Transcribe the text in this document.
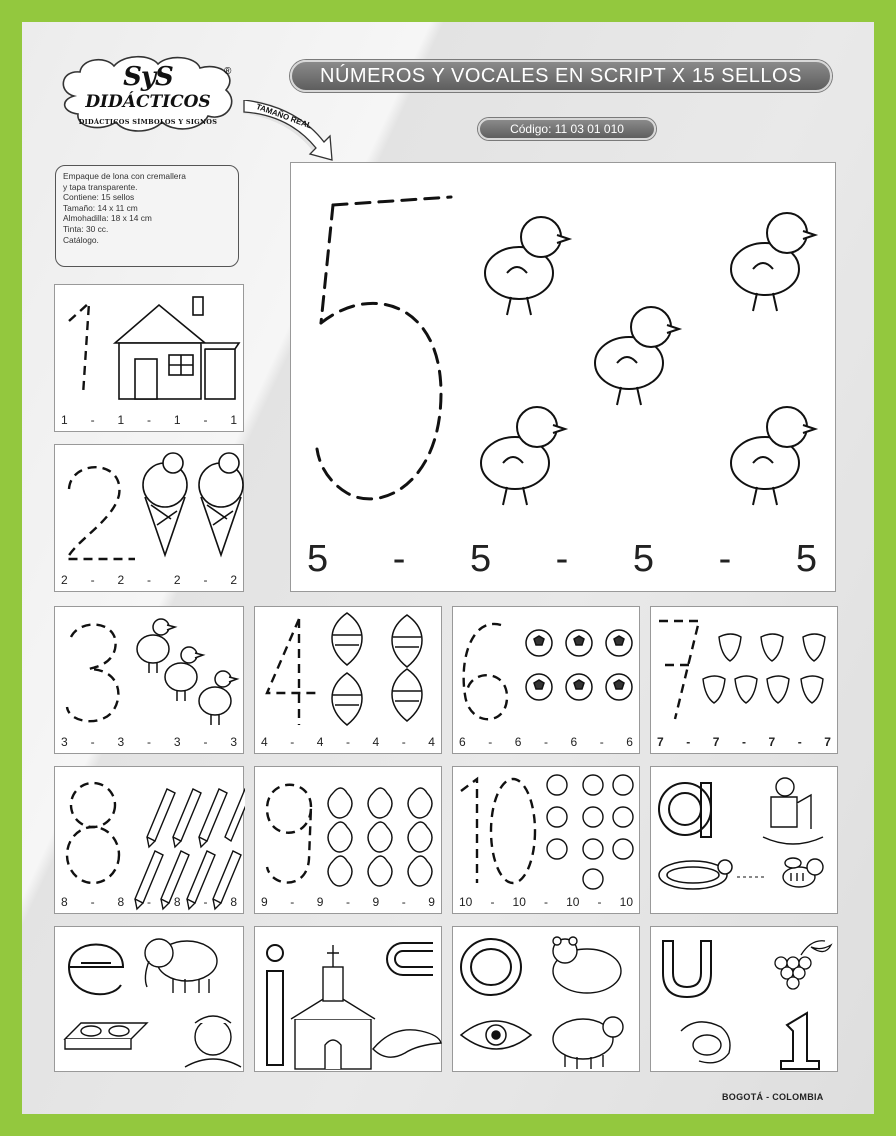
SyS
DIDÁCTICOS
DIDÁCTICOS SÍMBOLOS Y SIGNOS
®
TAMAÑO REAL
NÚMEROS Y VOCALES EN SCRIPT X 15 SELLOS
Código: 11 03 01 010
Empaque de lona con cremallera
y tapa transparente.
Contiene: 15 sellos
Tamaño: 14 x 11 cm
Almohadilla: 18 x 14 cm
Tinta: 30 cc.
Catálogo.
5 - 5 - 5 - 5
1 - 1 - 1 - 1
2 - 2 - 2 - 2
3 - 3 - 3 - 3 4 - 4 - 4 - 4 6 - 6 - 6 - 6 7 - 7 - 7 - 7
8 - 8 - 8 - 8 9 - 9 - 9 - 9 10 - 10 - 10 - 10
BOGOTÁ - COLOMBIA
